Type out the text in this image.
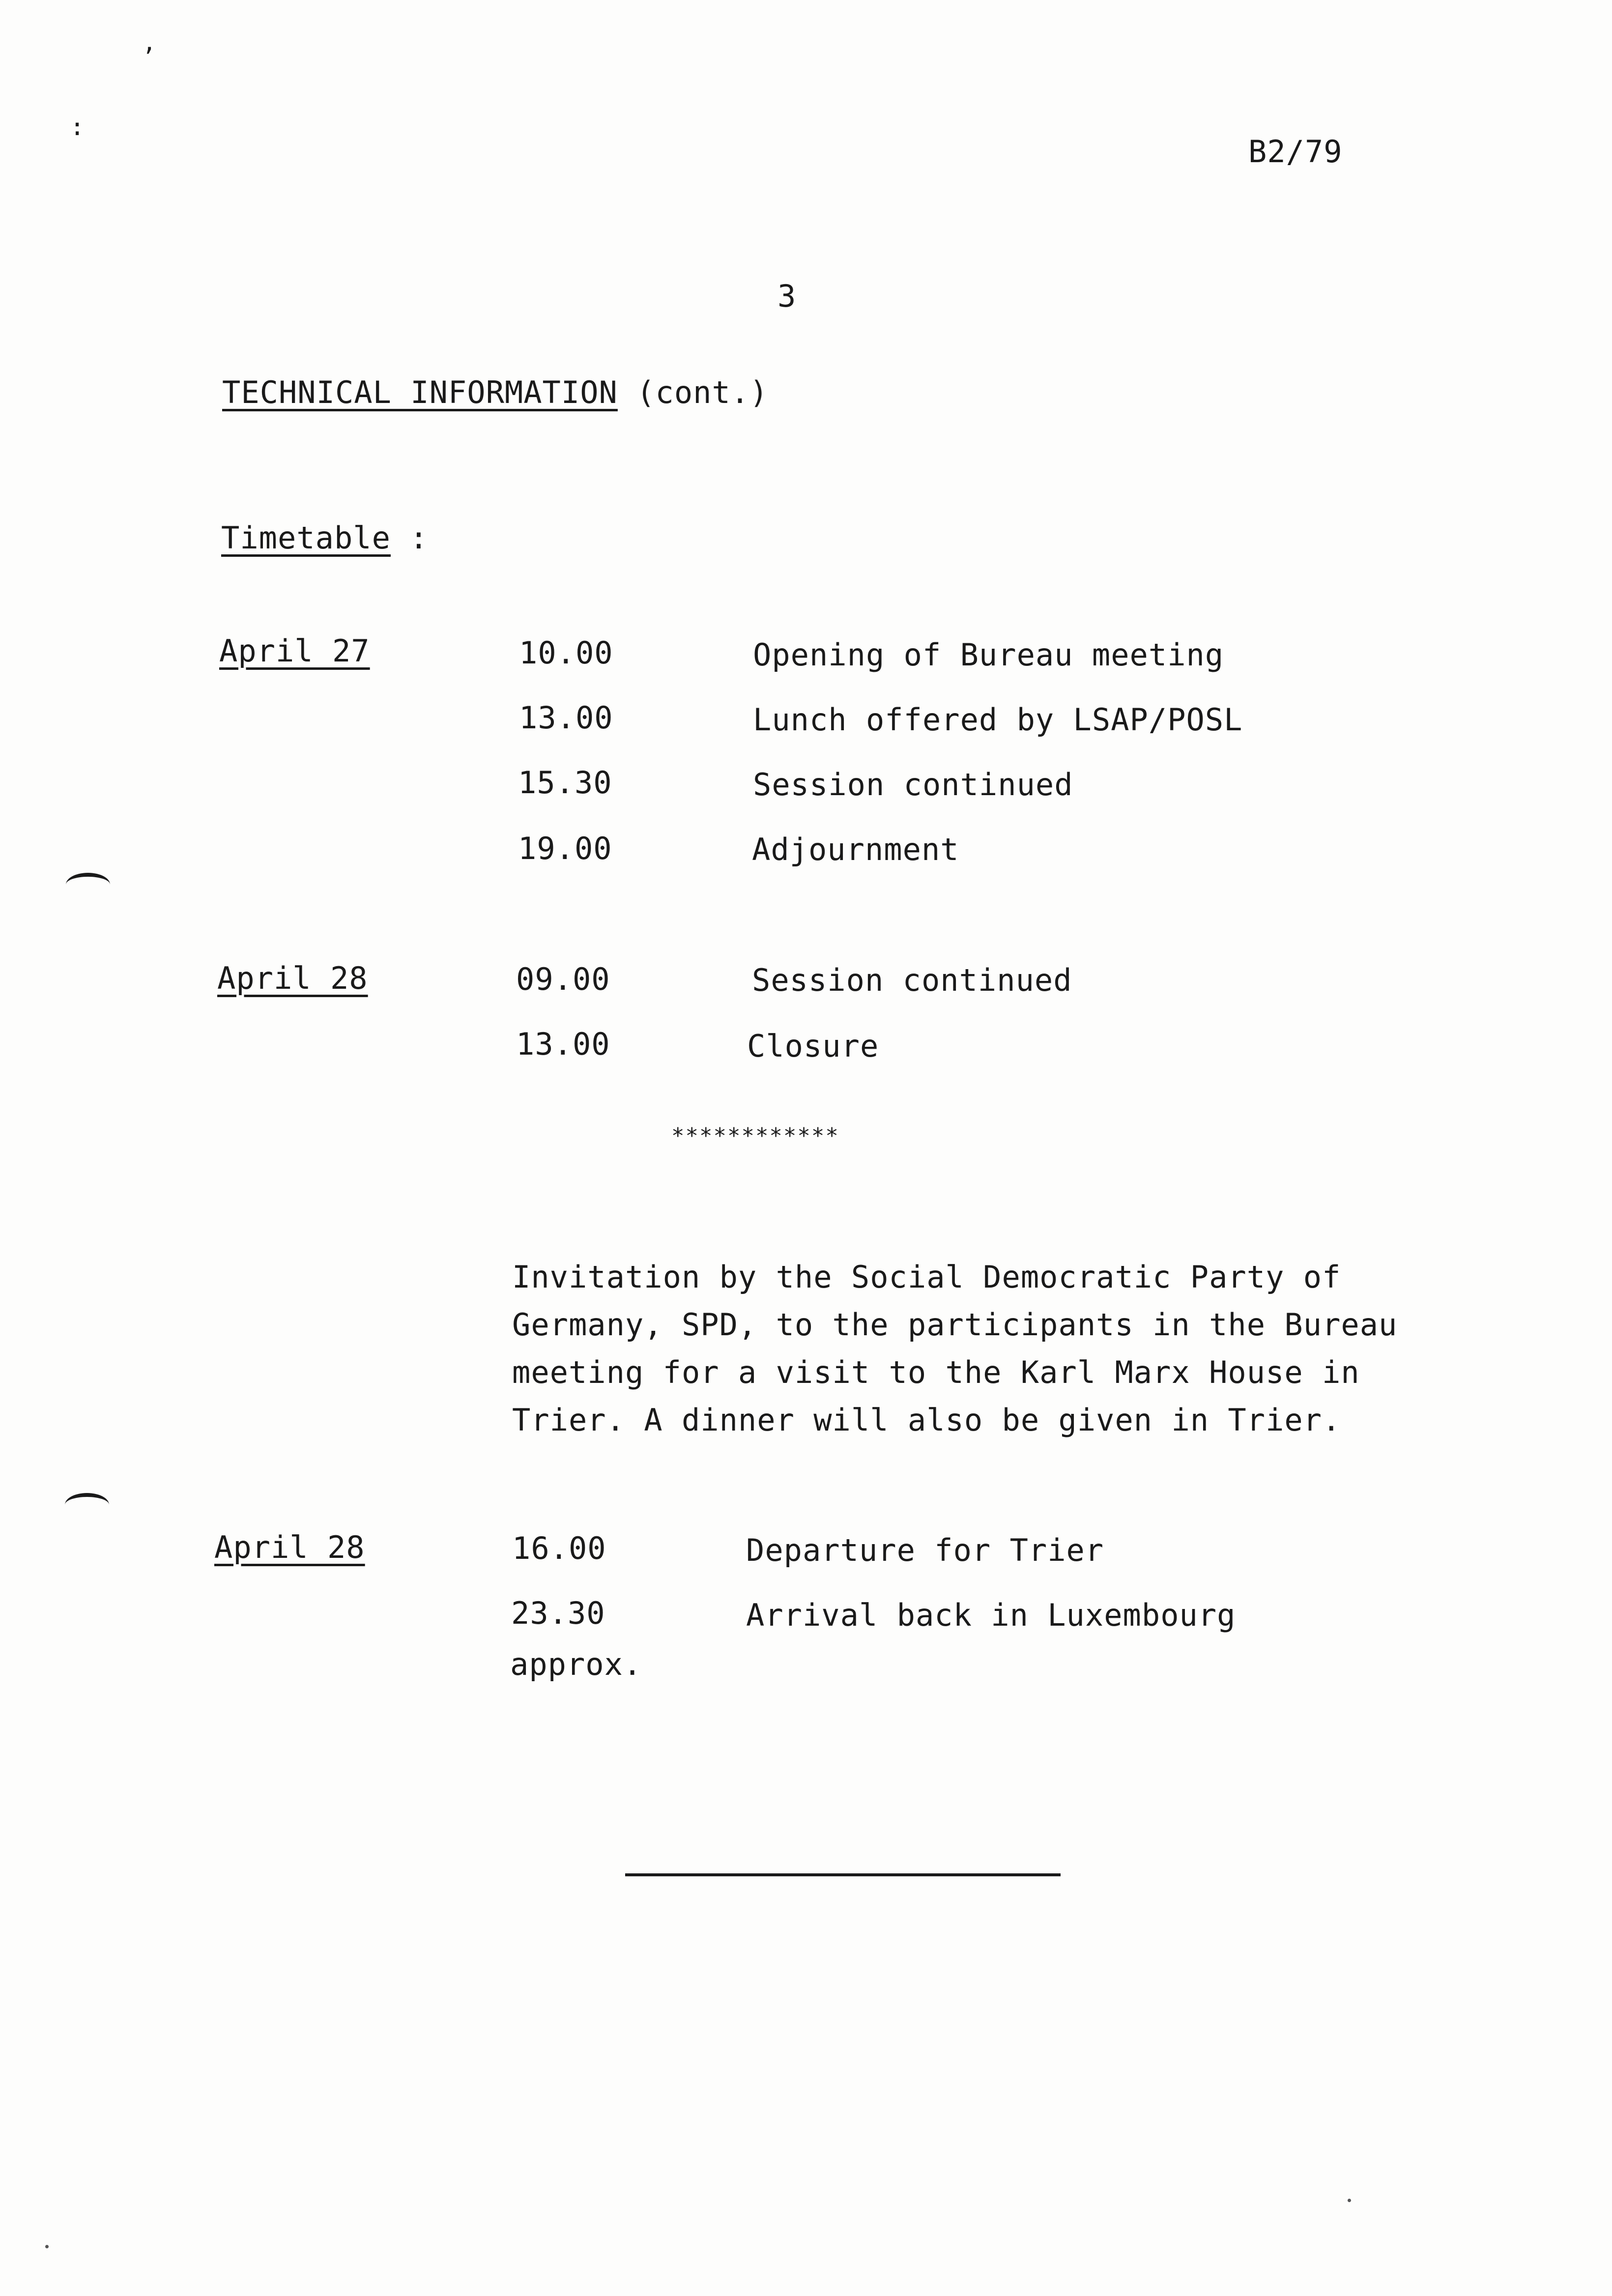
’
∶
B2/79
3
TECHNICAL INFORMATION (cont.)
Timetable :
April 27	10.00	Opening of Bureau meeting
13.00	Lunch offered by LSAP/POSL
15.30	Session continued
19.00	Adjournment
April 28	09.00	Session continued
13.00	Closure
************
Invitation by the Social Democratic Party of
Germany, SPD, to the participants in the Bureau
meeting for a visit to the Karl Marx House in
Trier. A dinner will also be given in Trier.
April 28	16.00	Departure for Trier
23.30	Arrival back in Luxembourg
approx.
